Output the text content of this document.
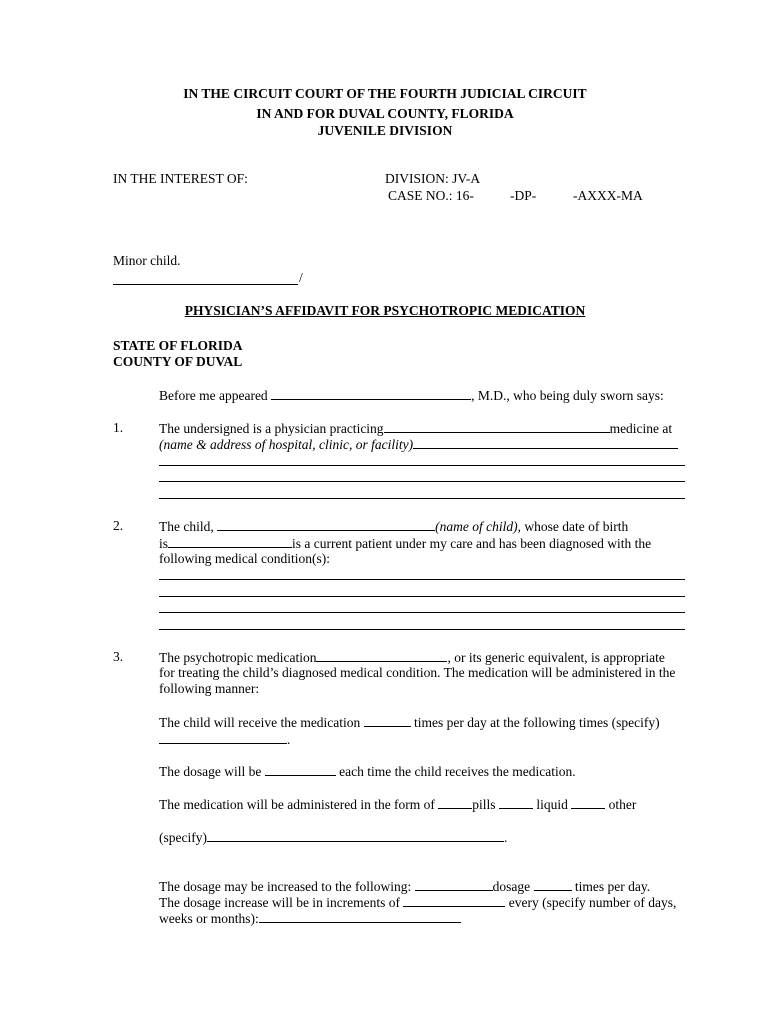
IN THE CIRCUIT COURT OF THE FOURTH JUDICIAL CIRCUIT
IN AND FOR DUVAL COUNTY, FLORIDA
JUVENILE DIVISION
IN THE INTEREST OF:	DIVISION: JV-A
CASE NO.: 16-	-DP-	-AXXX-MA
Minor child.
/
PHYSICIAN’S AFFIDAVIT FOR PSYCHOTROPIC MEDICATION
STATE OF FLORIDA
COUNTY OF DUVAL
Before me appeared	, M.D., who being duly sworn says:
1.	The undersigned is a physician practicing	medicine at
(name & address of hospital, clinic, or facility)
2.	The child,	(name of child), whose date of birth
is	is a current patient under my care and has been diagnosed with the
following medical condition(s):
3.	The psychotropic medication	, or its generic equivalent, is appropriate
for treating the child’s diagnosed medical condition. The medication will be administered in the
following manner:
The child will receive the medication	times per day at the following times (specify)
.
The dosage will be	each time the child receives the medication.
The medication will be administered in the form of	pills	liquid	other
(specify)	.
The dosage may be increased to the following:	dosage	times per day.
The dosage increase will be in increments of	every (specify number of days,
weeks or months):
